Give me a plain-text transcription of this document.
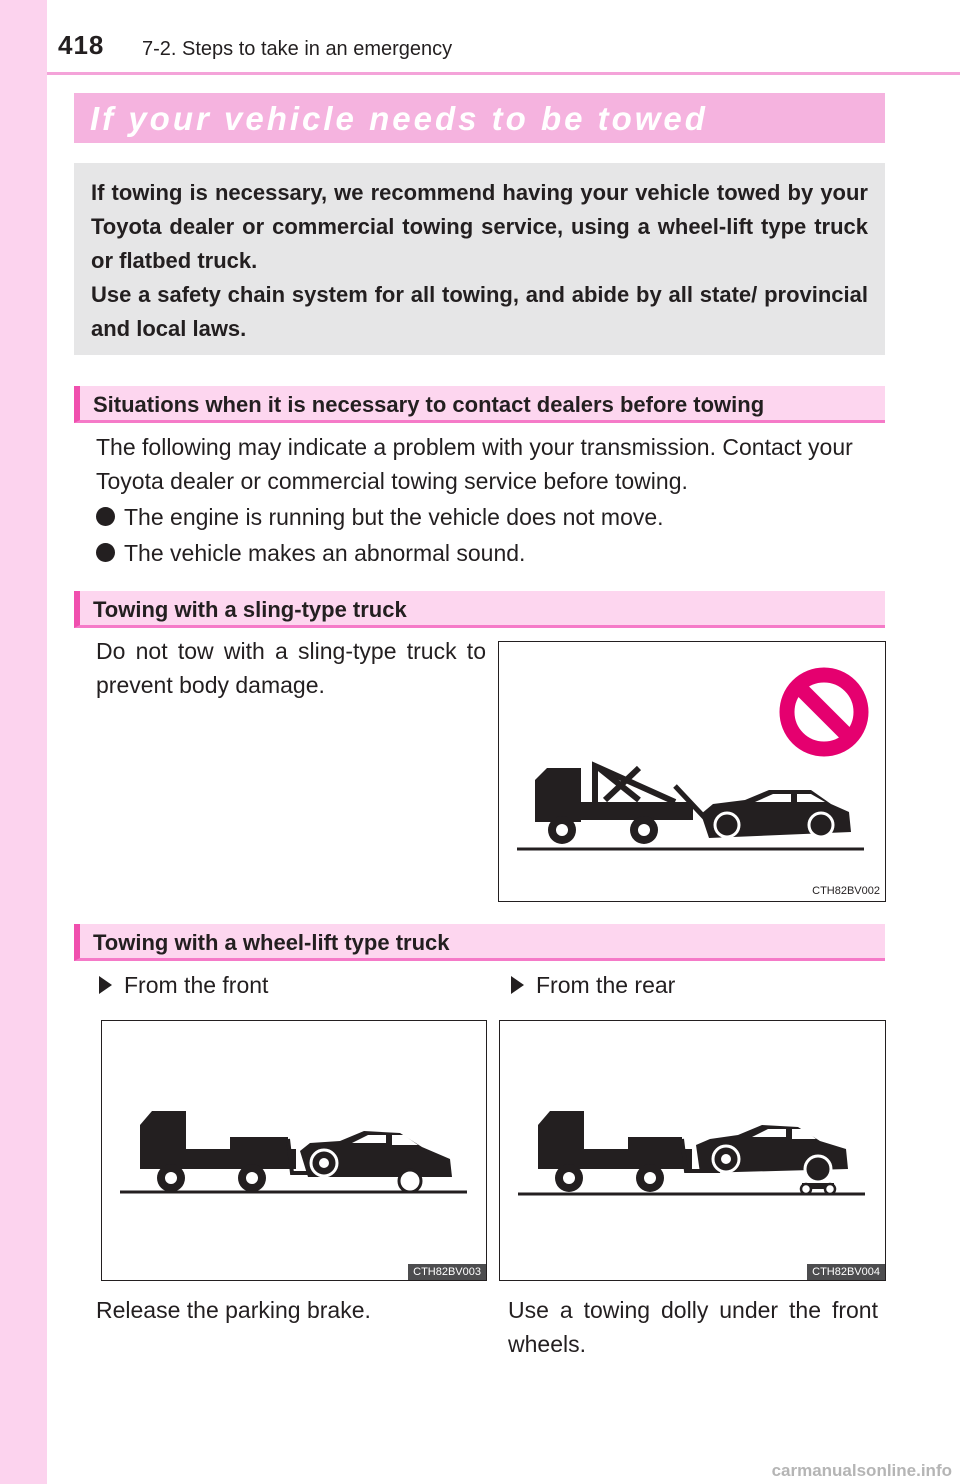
418 7-2. Steps to take in an emergency
If your vehicle needs to be towed

If towing is necessary, we recommend having your vehicle towed by your Toyota dealer or commercial towing service, using a wheel-lift type truck or flatbed truck.

Use a safety chain system for all towing, and abide by all state/ provincial and local laws.

Situations when it is necessary to contact dealers before towing

The following may indicate a problem with your transmission. Contact your Toyota dealer or commercial towing service before towing.

The engine is running but the vehicle does not move.
The vehicle makes an abnormal sound.
Towing with a sling-type truck

Do not tow with a sling-type truck to prevent body damage.

CTH82BV002
Towing with a wheel-lift type truck
From the front	From the rear
CTH82BV003	CTH82BV004

Release the parking brake.	Use a towing dolly under the front wheels.

carmanualsonline.info
